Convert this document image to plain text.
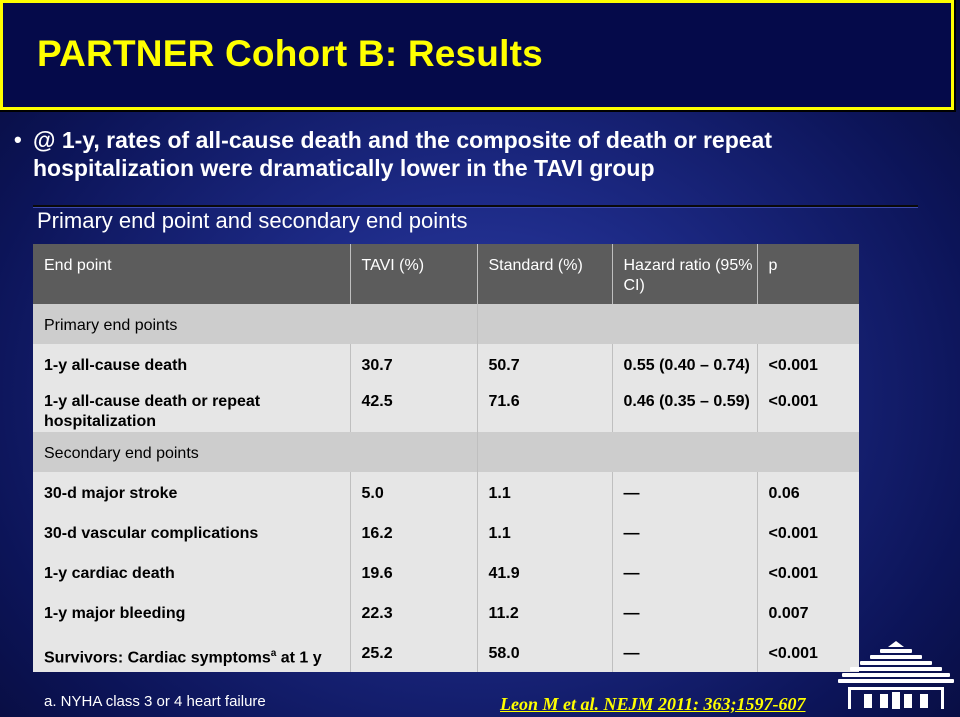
PARTNER Cohort B: Results
• @ 1-y, rates of all-cause death and the composite of death or repeat hospitalization were dramatically lower in the TAVI group
Primary end point and secondary end points
End point	TAVI (%)	Standard (%)	Hazard ratio (95% CI)	p
Primary end points				
1-y all-cause death	30.7	50.7	0.55 (0.40 – 0.74)	<0.001
1-y all-cause death or repeat hospitalization	42.5	71.6	0.46 (0.35 – 0.59)	<0.001
Secondary end points				
30-d major stroke	5.0	1.1	—	0.06
30-d vascular complications	16.2	1.1	—	<0.001
1-y cardiac death	19.6	41.9	—	<0.001
1-y major bleeding	22.3	11.2	—	0.007
Survivors: Cardiac symptoms$^a$ at 1 y	25.2	58.0	—	<0.001
a. NYHA class 3 or 4 heart failure	Leon M et al. NEJM 2011: 363;1597-607
